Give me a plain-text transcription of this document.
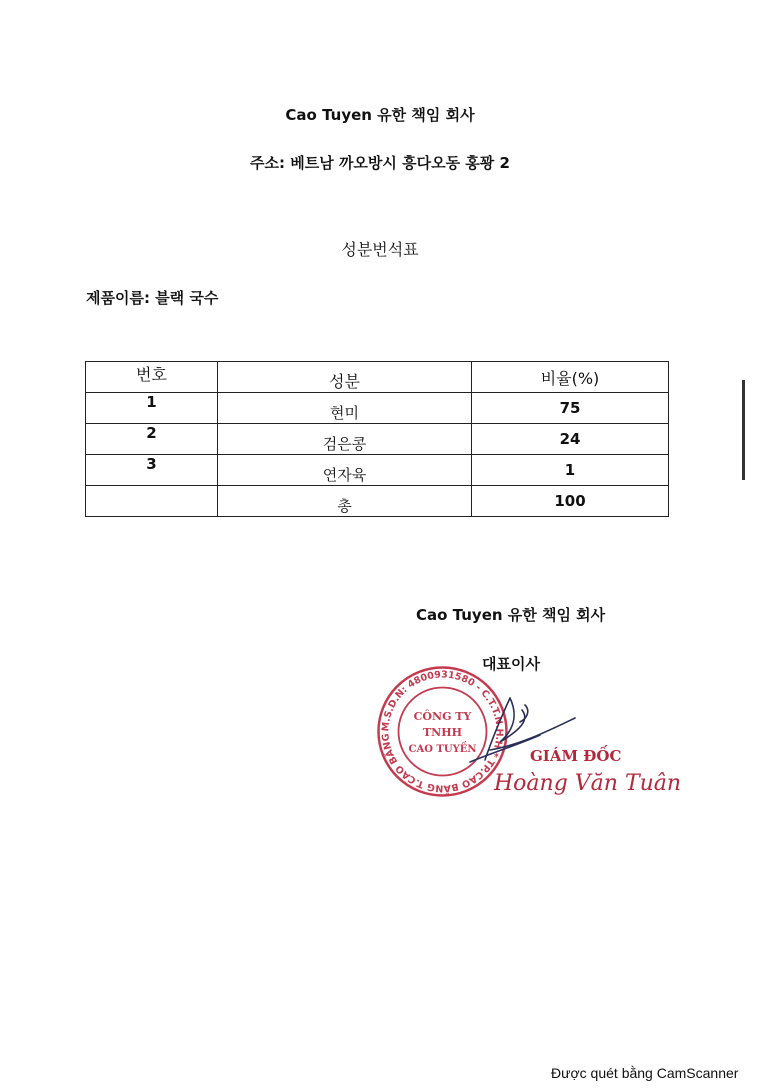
Cao Tuyen 유한 책임 회사
주소: 베트남 까오방시 흥다오동 홍꽝 2
성분번석표
제품이름: 블랙 국수
번호	성분	비율(%)
1	현미	75
2	검은콩	24
3	연자육	1
	총	100
Cao Tuyen 유한 책임 회사
대표이사
M.S.D.N: 4800931580 - C.T.T.N.H.H * TP.CAO BẰNG T.CAO BẰNG
CÔNG TY
TNHH
CAO TUYỀN	GIÁM ĐỐC
Hoàng Văn Tuân
Được quét bằng CamScanner
